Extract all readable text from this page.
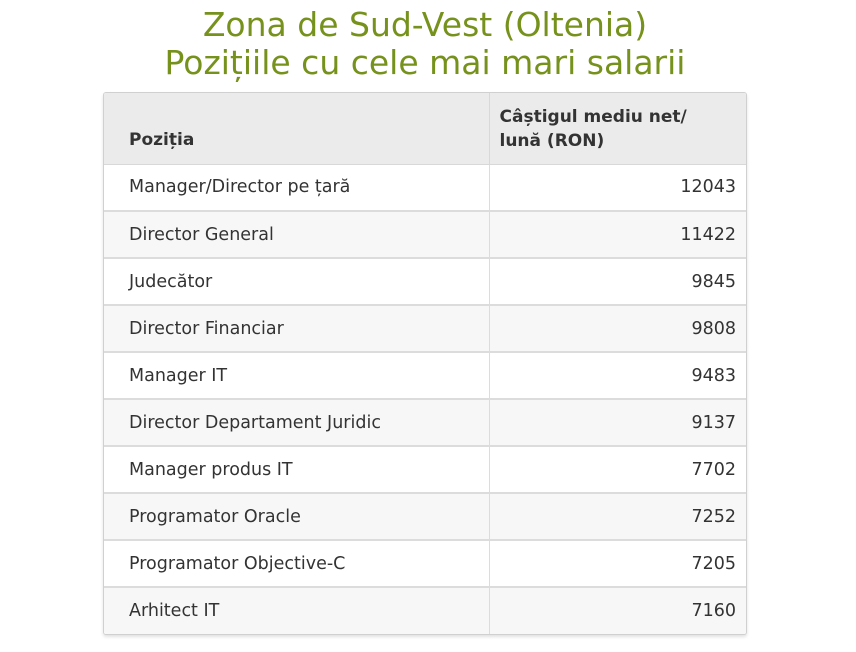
Zona de Sud-Vest (Oltenia)
Pozițiile cu cele mai mari salarii
Poziția	Câștigul mediu net/ lună (RON)
Manager/Director pe țară	12043
Director General	11422
Judecător	9845
Director Financiar	9808
Manager IT	9483
Director Departament Juridic	9137
Manager produs IT	7702
Programator Oracle	7252
Programator Objective-C	7205
Arhitect IT	7160
